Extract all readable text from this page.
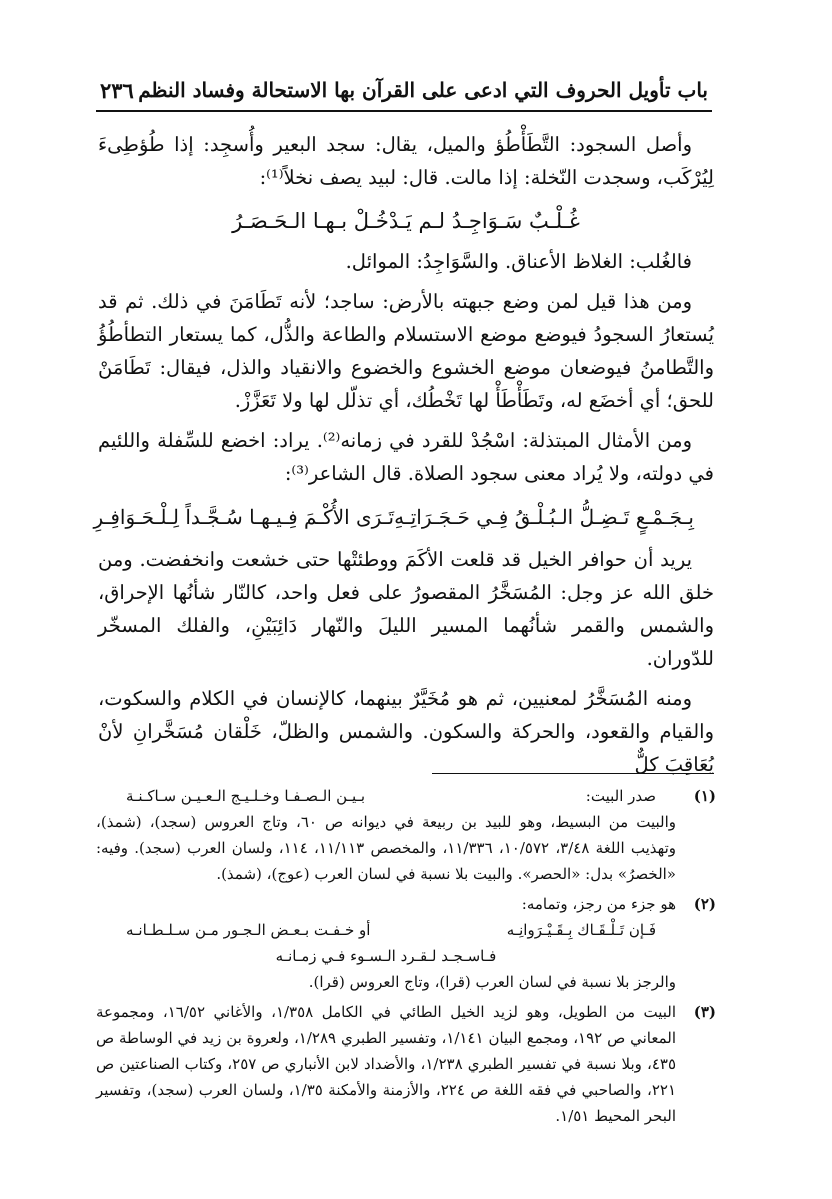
٢٣٦ باب تأويل الحروف التي ادعى على القرآن بها الاستحالة وفساد النظم

وأصل السجود: التَّطَأْطُؤ والميل، يقال: سجد البعير وأُسجِد: إذا طُؤطِىءَ لِيُرْكَب، وسجدت النّخلة: إذا مالت. قال: لبيد يصف نخلاً⁽¹⁾:

غُـلْـبٌ سَـوَاجِـدُ لـم يَـدْخُـلْ بـهـا الـحَـصَـرُ

فالغُلب: الغلاظ الأعناق. والسَّوَاجِدُ: الموائل.

ومن هذا قيل لمن وضع جبهته بالأرض: ساجد؛ لأنه تَطَامَنَ في ذلك. ثم قد يُستعارُ السجودُ فيوضع موضع الاستسلام والطاعة والذُّل، كما يستعار التطأطُؤُ والتَّطامنُ فيوضعان موضع الخشوع والخضوع والانقياد والذل، فيقال: تَطَامَنْ للحق؛ أي أخضَع له، وتَطَأْطَأْ لها تَخْطُك، أي تذلّل لها ولا تَعَزَّزْ.

ومن الأمثال المبتذلة: اسْجُدْ للقرد في زمانه⁽²⁾. يراد: اخضع للسِّفلة واللئيم في دولته، ولا يُراد معنى سجود الصلاة. قال الشاعر⁽³⁾:

بِـجَـمْـعٍ تَـضِـلُّ الـبُـلْـقُ فِـي حَـجَـرَاتِـهِ
تَـرَى الأُكْـمَ فِـيـهـا سُـجَّـداً لِـلْـحَـوَافِـرِ

يريد أن حوافر الخيل قد قلعت الأكَمَ ووطئتْها حتى خشعت وانخفضت. ومن خلق الله عز وجل: المُسَخَّرُ المقصورُ على فعل واحد، كالنّار شأنُها الإحراق، والشمس والقمر شأنُهما المسير الليلَ والنّهار دَائِبَيْنِ، والفلك المسخّر للدّوران.

ومنه المُسَخَّرُ لمعنيين، ثم هو مُخَيَّرٌ بينهما، كالإنسان في الكلام والسكوت، والقيام والقعود، والحركة والسكون. والشمس والظلّ، خَلْقان مُسَخَّرانِ لأنْ يُعَاقِبَ كلٌّ

(١)
صدر البيت:
بـيـن الـصـفـا وخـلـيـج الـعـيـن سـاكـنـة
والبيت من البسيط، وهو للبيد بن ربيعة في ديوانه ص ٦٠، وتاج العروس (سجد)، (شمذ)، وتهذيب اللغة ٣/٤٨، ١٠/٥٧٢، ١١/٣٣٦، والمخصص ١١/١١٣، ١١٤، ولسان العرب (سجد). وفيه: «الخصرُ» بدل: «الحصر». والبيت بلا نسبة في لسان العرب (عوج)، (شمذ).
(٢)
هو جزء من رجز، وتمامه:
فَـإن تَـلْـقَـاك بِـقَـيْـرَوانِـه
أو خـفـت بـعـض الـجـور مـن سـلـطـانـه
فـاسـجـد لـقـرد الـسـوء فـي زمـانـه
والرجز بلا نسبة في لسان العرب (قرا)، وتاج العروس (قرا).
(٣)
البيت من الطويل، وهو لزيد الخيل الطائي في الكامل ١/٣٥٨، والأغاني ١٦/٥٢، ومجموعة المعاني ص ١٩٢، ومجمع البيان ١/١٤١، وتفسير الطبري ١/٢٨٩، ولعروة بن زيد في الوساطة ص ٤٣٥، وبلا نسبة في تفسير الطبري ١/٢٣٨، والأضداد لابن الأنباري ص ٢٥٧، وكتاب الصناعتين ص ٢٢١، والصاحبي في فقه اللغة ص ٢٢٤، والأزمنة والأمكنة ١/٣٥، ولسان العرب (سجد)، وتفسير البحر المحيط ١/٥١.
